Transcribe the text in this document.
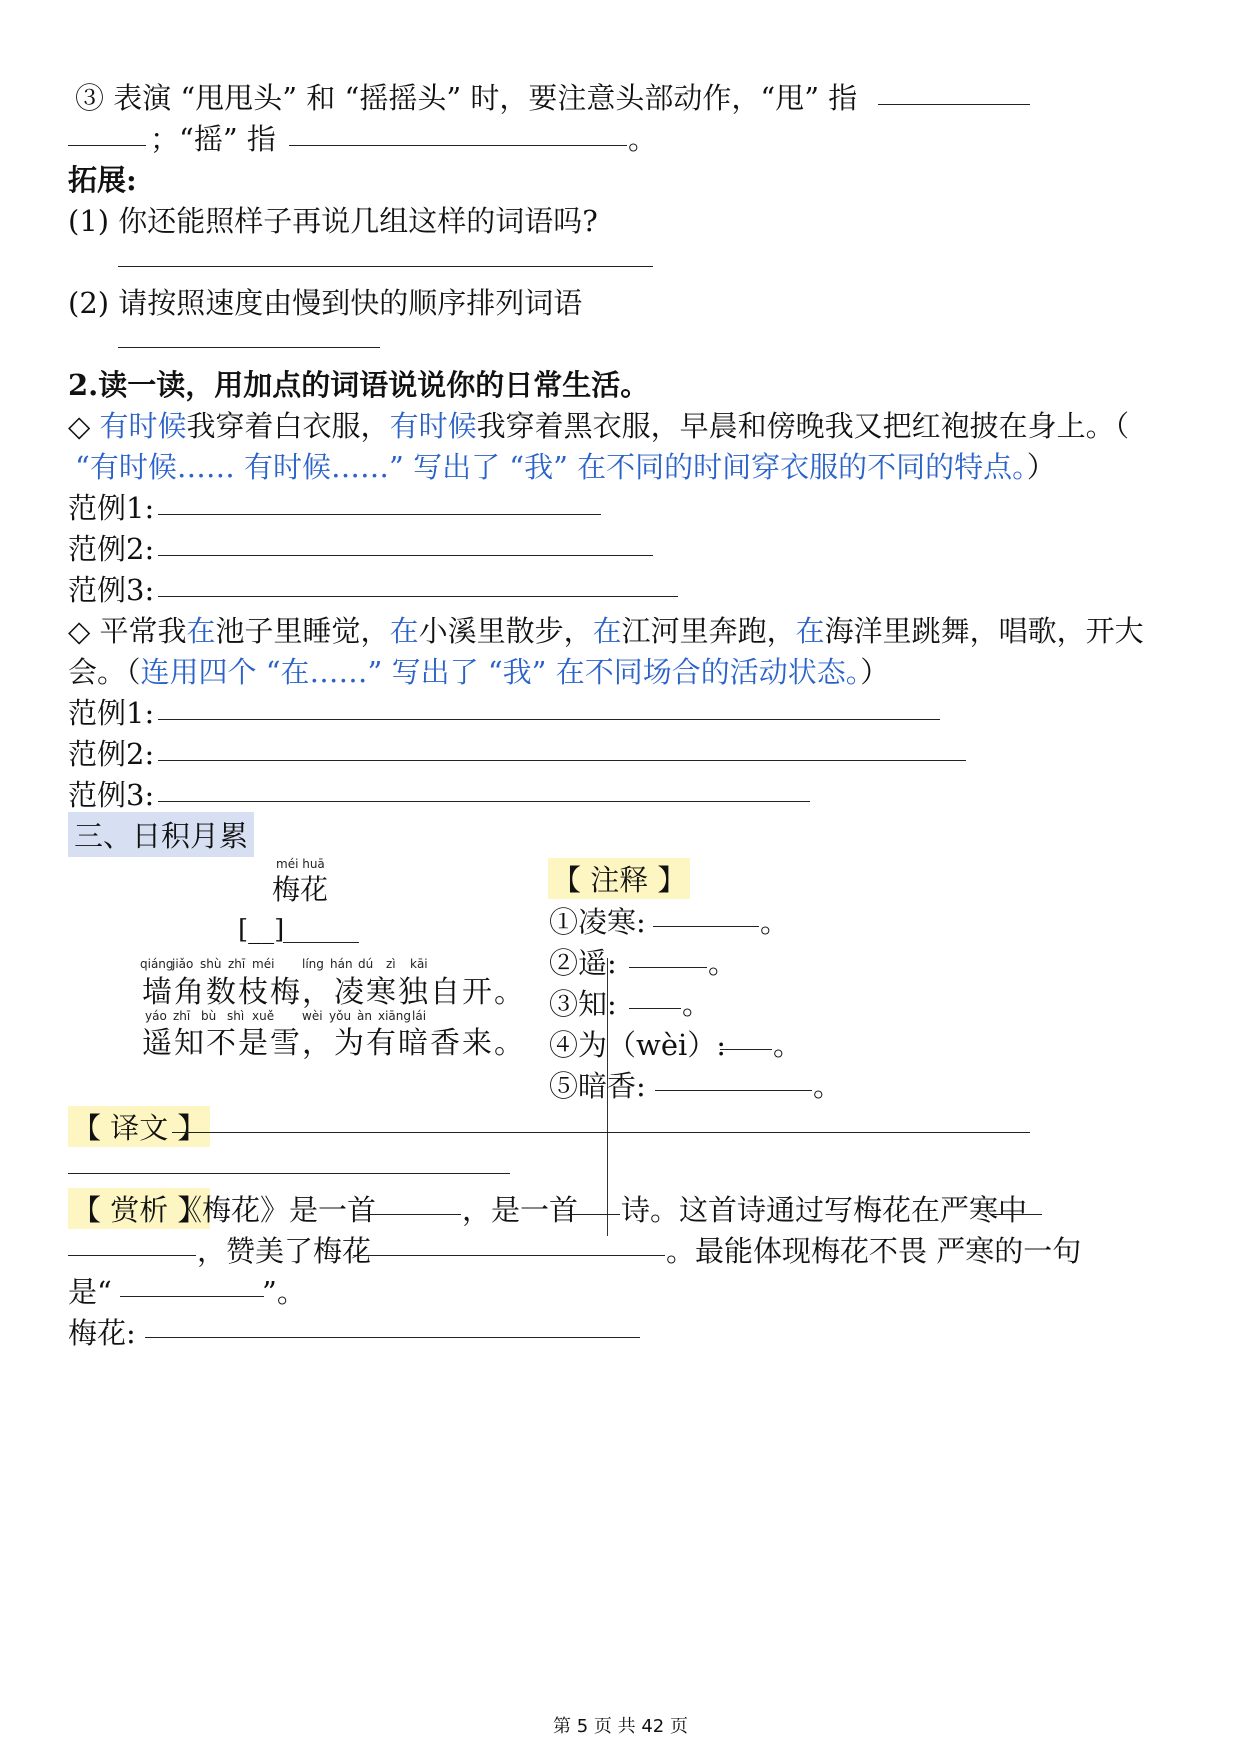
③ 表演 “甩甩头” 和 “摇摇头” 时，要注意头部动作，“甩” 指
；“摇” 指	。
拓展:
(1) 你还能照样子再说几组这样的词语吗?
(2) 请按照速度由慢到快的顺序排列词语
2.读一读，用加点的词语说说你的日常生活。
◇ 有时候我穿着白衣服，有时候我穿着黑衣服，早晨和傍晚我又把红袍披在身上。（
“有时候…… 有时候……” 写出了 “我” 在不同的时间穿衣服的不同的特点。）
范例1:
范例2:
范例3:
◇ 平常我在池子里睡觉，在小溪里散步，在江河里奔跑，在海洋里跳舞，唱歌，开大
会。（连用四个 “在……” 写出了 “我” 在不同场合的活动状态。）
范例1:
范例2:
范例3:
三、日积月累
méi huā
梅花
[__]
qiáng
jiǎo shù zhī méi líng hán dú zì kāi
墙角数枝梅，凌寒独自开。
yáo zhī bù shì xuě wèi yǒu àn xiāng lái
遥知不是雪，为有暗香来。
【 注释 】
①凌寒:	。
②遥:	。
③知: 。
④为（wèi）: 。
⑤暗香:	。
【 译文 】
【 赏析 】
《梅花》是一首	，是一首 诗。这首诗通过写梅花在严寒中
，赞美了梅花	。最能体现梅花不畏 严寒的一句
是“	”。
梅花:
第 5 页 共 42 页
